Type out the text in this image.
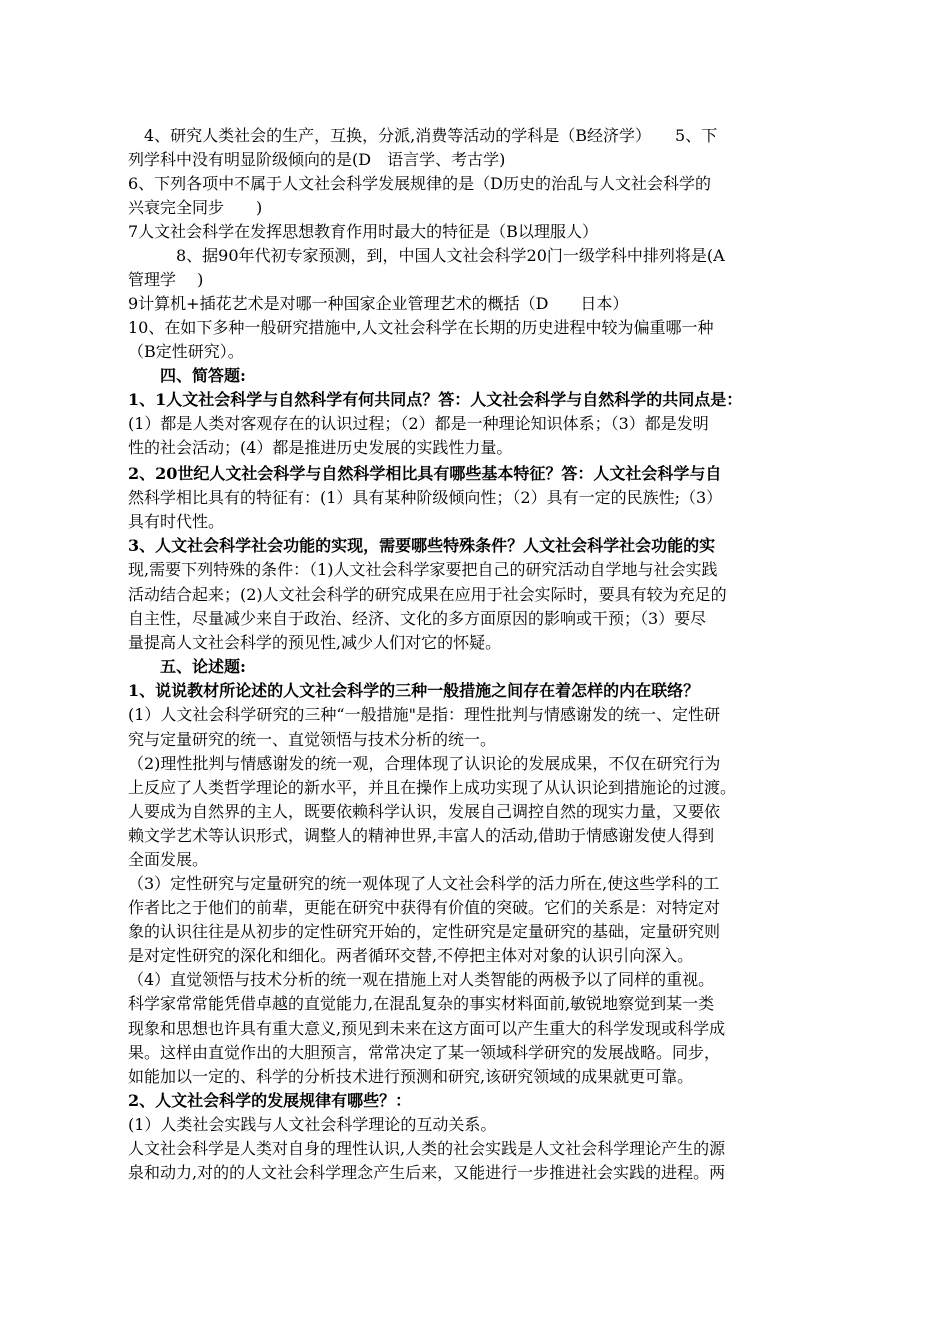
　4、研究人类社会的生产，互换，分派,消费等活动的学科是（B经济学）　　5、下
列学科中没有明显阶级倾向的是(D　语言学、考古学)
6、下列各项中不属于人文社会科学发展规律的是（D历史的治乱与人文社会科学的
兴衰完全同步　　)
7人文社会科学在发挥思想教育作用时最大的特征是（B以理服人）
　　　8、据90年代初专家预测，到，中国人文社会科学20门一级学科中排列将是(A
管理学　 )
9计算机+插花艺术是对哪一种国家企业管理艺术的概括（D　　日本）
10、在如下多种一般研究措施中,人文社会科学在长期的历史进程中较为偏重哪一种
（B定性研究）。
　　四、简答题:
1、1人文社会科学与自然科学有何共同点？答：人文社会科学与自然科学的共同点是：
(1）都是人类对客观存在的认识过程；（2）都是一种理论知识体系；（3）都是发明
性的社会活动；(4）都是推进历史发展的实践性力量。
2、20世纪人文社会科学与自然科学相比具有哪些基本特征？答：人文社会科学与自
然科学相比具有的特征有：(1）具有某种阶级倾向性；（2）具有一定的民族性;（3）
具有时代性。
3、人文社会科学社会功能的实现，需要哪些特殊条件？人文社会科学社会功能的实
现,需要下列特殊的条件：（1)人文社会科学家要把自己的研究活动自学地与社会实践
活动结合起来；(2)人文社会科学的研究成果在应用于社会实际时，要具有较为充足的
自主性，尽量减少来自于政治、经济、文化的多方面原因的影响或干预；（3）要尽
量提高人文社会科学的预见性,减少人们对它的怀疑。
　　五、论述题:
1、说说教材所论述的人文社会科学的三种一般措施之间存在着怎样的内在联络？
(1）人文社会科学研究的三种“一般措施"是指：理性批判与情感谢发的统一、定性研
究与定量研究的统一、直觉领悟与技术分析的统一。
（2)理性批判与情感谢发的统一观，合理体现了认识论的发展成果，不仅在研究行为
上反应了人类哲学理论的新水平，并且在操作上成功实现了从认识论到措施论的过渡。
人要成为自然界的主人，既要依赖科学认识，发展自己调控自然的现实力量，又要依
赖文学艺术等认识形式，调整人的精神世界,丰富人的活动,借助于情感谢发使人得到
全面发展。
（3）定性研究与定量研究的统一观体现了人文社会科学的活力所在,使这些学科的工
作者比之于他们的前辈，更能在研究中获得有价值的突破。它们的关系是：对特定对
象的认识往往是从初步的定性研究开始的，定性研究是定量研究的基础，定量研究则
是对定性研究的深化和细化。两者循环交替,不停把主体对对象的认识引向深入。
（4）直觉领悟与技术分析的统一观在措施上对人类智能的两极予以了同样的重视。
科学家常常能凭借卓越的直觉能力,在混乱复杂的事实材料面前,敏锐地察觉到某一类
现象和思想也许具有重大意义,预见到未来在这方面可以产生重大的科学发现或科学成
果。这样由直觉作出的大胆预言，常常决定了某一领域科学研究的发展战略。同步，
如能加以一定的、科学的分析技术进行预测和研究,该研究领域的成果就更可靠。
2、人文社会科学的发展规律有哪些？：
(1）人类社会实践与人文社会科学理论的互动关系。
人文社会科学是人类对自身的理性认识,人类的社会实践是人文社会科学理论产生的源
泉和动力,对的的人文社会科学理念产生后来，又能进行一步推进社会实践的进程。两
